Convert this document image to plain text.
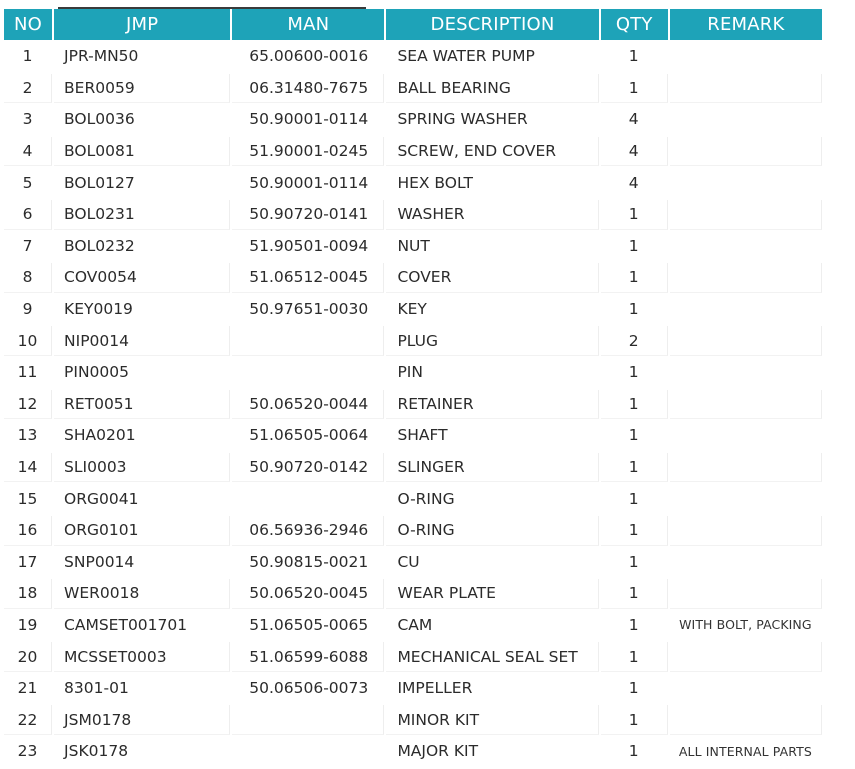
NO	JMP	MAN	DESCRIPTION	QTY	REMARK
1	JPR-MN50	65.00600-0016	SEA WATER PUMP	1	
2	BER0059	06.31480-7675	BALL BEARING	1	
3	BOL0036	50.90001-0114	SPRING WASHER	4	
4	BOL0081	51.90001-0245	SCREW, END COVER	4	
5	BOL0127	50.90001-0114	HEX BOLT	4	
6	BOL0231	50.90720-0141	WASHER	1	
7	BOL0232	51.90501-0094	NUT	1	
8	COV0054	51.06512-0045	COVER	1	
9	KEY0019	50.97651-0030	KEY	1	
10	NIP0014		PLUG	2	
11	PIN0005		PIN	1	
12	RET0051	50.06520-0044	RETAINER	1	
13	SHA0201	51.06505-0064	SHAFT	1	
14	SLI0003	50.90720-0142	SLINGER	1	
15	ORG0041		O-RING	1	
16	ORG0101	06.56936-2946	O-RING	1	
17	SNP0014	50.90815-0021	CU	1	
18	WER0018	50.06520-0045	WEAR PLATE	1	
19	CAMSET001701	51.06505-0065	CAM	1	WITH BOLT, PACKING
20	MCSSET0003	51.06599-6088	MECHANICAL SEAL SET	1	
21	8301-01	50.06506-0073	IMPELLER	1	
22	JSM0178		MINOR KIT	1	
23	JSK0178		MAJOR KIT	1	ALL INTERNAL PARTS
